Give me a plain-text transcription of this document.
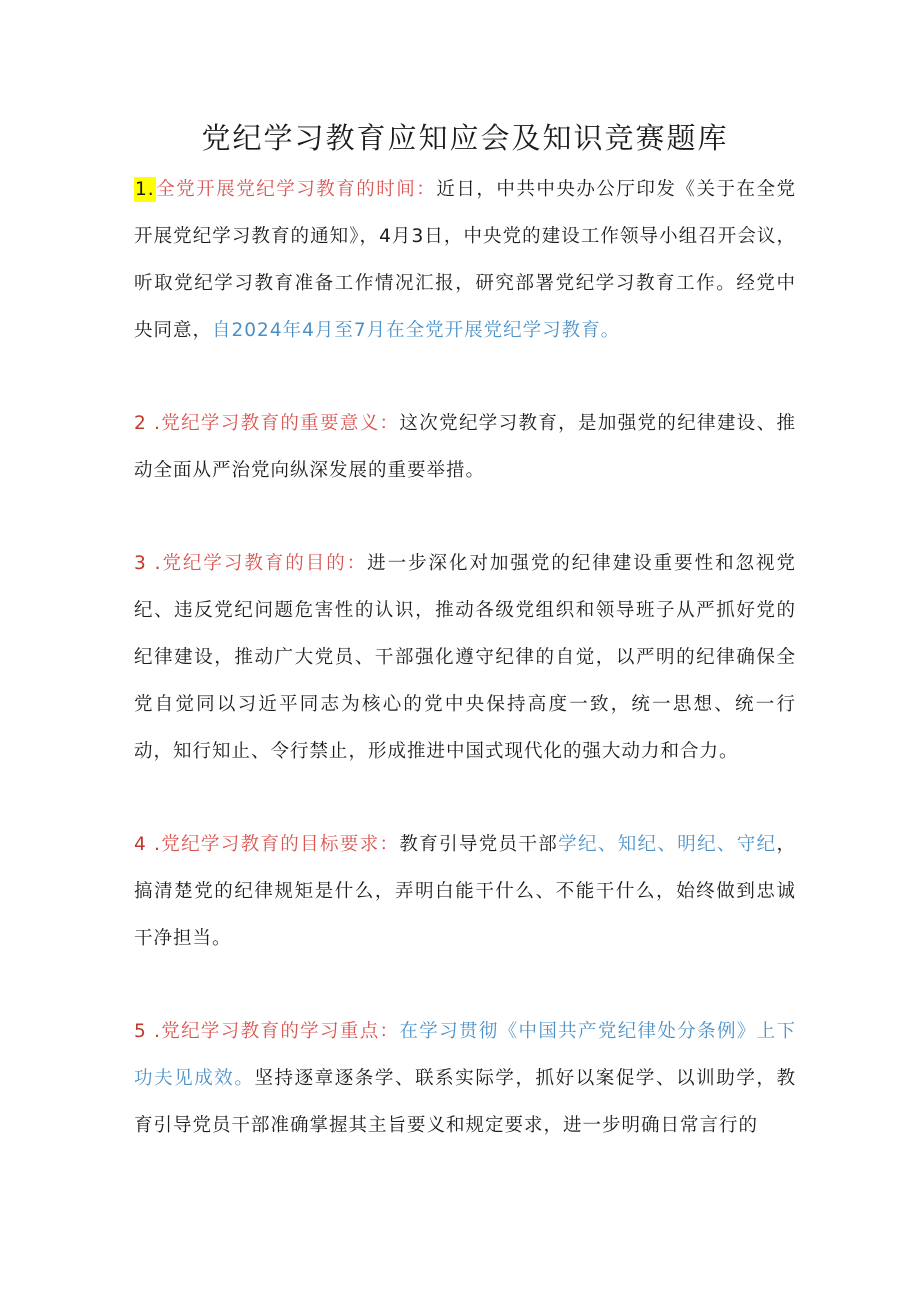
党纪学习教育应知应会及知识竞赛题库

1.全党开展党纪学习教育的时间：近日，中共中央办公厅印发《关于在全党开展党纪学习教育的通知》，4月3日，中央党的建设工作领导小组召开会议，听取党纪学习教育准备工作情况汇报，研究部署党纪学习教育工作。经党中央同意，自2024年4月至7月在全党开展党纪学习教育。

2 .党纪学习教育的重要意义：这次党纪学习教育，是加强党的纪律建设、推动全面从严治党向纵深发展的重要举措。

3 .党纪学习教育的目的：进一步深化对加强党的纪律建设重要性和忽视党纪、违反党纪问题危害性的认识，推动各级党组织和领导班子从严抓好党的纪律建设，推动广大党员、干部强化遵守纪律的自觉，以严明的纪律确保全党自觉同以习近平同志为核心的党中央保持高度一致，统一思想、统一行动，知行知止、令行禁止，形成推进中国式现代化的强大动力和合力。

4 .党纪学习教育的目标要求：教育引导党员干部学纪、知纪、明纪、守纪，搞清楚党的纪律规矩是什么，弄明白能干什么、不能干什么，始终做到忠诚干净担当。

5 .党纪学习教育的学习重点：在学习贯彻《中国共产党纪律处分条例》上下功夫见成效。坚持逐章逐条学、联系实际学，抓好以案促学、以训助学，教育引导党员干部准确掌握其主旨要义和规定要求，进一步明确日常言行的
